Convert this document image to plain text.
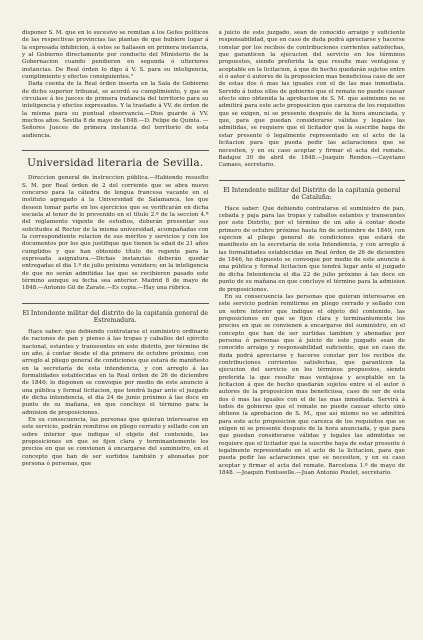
disponer S. M. que en lo sucesivo se remitan á los Gefes políticos de las respectivas provincias las plantas de que hubiere lugar á la expresada inhibicion, á estos se hallasen en primera instancia, y al Gobierno directamente por conducto del Ministerio de la Gobernacion cuando pendieren en segunda ó ulteriores instancias. De Real órden lo digo á V. S. para su inteligencia, cumplimiento y efectos consiguientes."

Dada cuenta de la Real órden inserta en la Sala de Gobierno de dicho superior tribunal, se acordó su cumplimiento, y que se circulase á los jueces de primera instancia del territorio para su inteligencia y efectos expresados. Y la traslado á VV. de órden de la misma para su puntual observancia.—Dios guarde á VV. muchos años. Sevilla 8 de mayo de 1848.—D. Felipe de Quinta. —Señores Jueces de primera instancia del territorio de esta audiencia.

Universidad literaria de Sevilla.

Direccion general de instruccion pública.—Habiendo resuelto S. M. por Real órden de 2 del corriente que se abra nuevo concurso para la cátedra de lengua francesa vacante en el instituto agregado á la Universidad de Salamanca, los que deseen tomar parte en los ejercicios que se verificarán en dicha escuela al tenor de lo prevenido en el título 2.º de la seccion 4.ª del reglamento vigente de estudios, deberán presentar sus solicitudes al Rector de la misma universidad, acompañadas con la correspondiente relacion de sus méritos y servicios y con los documentos por los que justifique que tienen la edad de 21 años cumplidos y que han obtenido título de regente para la expresada asignatura.—Dichas instancias deberán quedar entregadas el dia 1.º de julio próximo venidero; en la inteligencia de que no serán admitidas las que se recibieren pasado este término aunque su fecha sea anterior. Madrid 8 de mayo de 1848.—Antonio Gil de Zarate.—Es copia.—Hay una rúbrica.

El Intendente militar del distrito de la capitanía general de Estremadura.

Hace saber: que debiendo contratarse el suministro ordinario de raciones de pan y pienso á las tropas y caballos del ejército nacional, estantes y transeuntes en este distrito, por término de un año, á contar desde el dia primero de octubre próximo, con arreglo al pliego general de condiciones que estará de manifiesto en la secretaría de esta intendencia, y con arreglo á las formalidades establecidas en la Real órden de 26 de diciembre de 1846; lo disponen se convoque por medio de este anuncio á una pública y formal licitacion, que tendrá lugar ante el juzgado de dicha intendencia, el dia 24 de junio próximo á las doce en punto de su mañana, en que concluye el término para la admision de proposiciones.

En su consecuencia, las personas que quieran interesarse en este servicio, podrán remitirse en pliego cerrado y sellado con un sobre interior que indique el objeto del contenido, las proposiciones en que se fijen clara y terminantemente los precios en que se convienen á encargarse del suministro, en el concepto que han de ser surtidos también y abonadas por persona ó personas, que

á juicio de este juzgado, sean de conocido arraigo y suficiente responsabilidad, que en caso de duda podrá apreciarse y hacerse constar por los recibos de contribuciones corrientes satisfechas, que garanticen la ejecucion del servicio en los términos propuestos, siendo preferida la que resulte mas ventajosa y aceptable en la licitacion, á que de hecho quedarán sujetos entre sí ó autor ó autores de la proposicion mas beneficiosa caso de ser de estas dos ó mas las iguales con el de las mas inmediata. Servido á todos ellos de gobierno que el remate no puede causar efecto sino obtenida la aprobacion de S. M. que asimismo no se admitirá para este acto proposicion que carezca de los requisitos que se exigen, ni se presente después de la hora anunciada, y que, para que puedan considerarse válidas y legales las admitidas, se requiere que el licitador que la suscribe haga de estar presente ó legalmente representado en el acto de la licitacion para que pueda pedir las aclaraciones que se necesiten, y en su caso aceptar y firmar el acta del remate. Badajoz 30 de abril de 1848.—Joaquin Rendon.—Cayetano Camaes, secretario.

El Intendente militar del Distrito de la capitanía general de Cataluña:

Hace saber: Que debiendo contratarse el suministro de pan, cebada y paja para las tropas y caballos estantes y transeuntes por este Distrito, por el término de un año á contar desde primero de octubre próximo hasta fin de setiembre de 1849, con sujecion al pliego general de condiciones que estará de manifiesto en la secretaría de esta Intendencia, y con arreglo á las formalidades establecidas en Real órden de 26 de diciembre de 1846, he dispuesto se convoque por medio de este anuncio á una pública y formal licitacion que tendrá lugar ante el juzgado de dicha Intendencia el dia 22 de julio próximo á las doce en punto de su mañana en que concluye el término para la admision de proposiciones.

En su consecuencia las personas que quieran interesarse en este servicio podrán remitirme en pliego cerrado y sellado con un sobre interior que indique el objeto del contenido, las proposiciones en que se fijen clara y terminantemente los precios en que se convienen a encargarse del suministro, en el concepto que han de ser surtidas tambien y abonadas por persona ó personas que á juicio de este juzgado sean de conocido arraigo y responsabilidad suficiente, que en caso de duda podrá apreciarse y hacerse constar por los recibos de contribuciones corrientes satisfechas, que garanticen la ejecucion del servicio en los términos propuestos, siendo preferida la que resulte mas ventajosa y aceptable en la licitacion á que de hecho quedarán sujetos entre sí el autor ó autores de la proposicion mas beneficiosa, caso de ser de esta dos ó mas las iguales con el de las mas inmediata. Servirá á todos de gobierno que el remate no puede causar efecto sino obtiene la aprobacion de S. M., que así mismo no se admitirá para este acto proposicion que carezca de los requisitos que se exigen ni se presente después de la hora anunciada, y que para que puedan considerarse válidas y legales las admitidas se requiere que el licitador que la suscribe haya de estar presente ó legalmente representado en el acto de la licitacion, para que pueda pedir las aclaraciones que se necesiten, y en su caso aceptar y firmar el acta del remate. Barcelona 1.º de mayo de 1848. —Joaquin Fontseelle.—Juan Antonio Poulet, secretario.
